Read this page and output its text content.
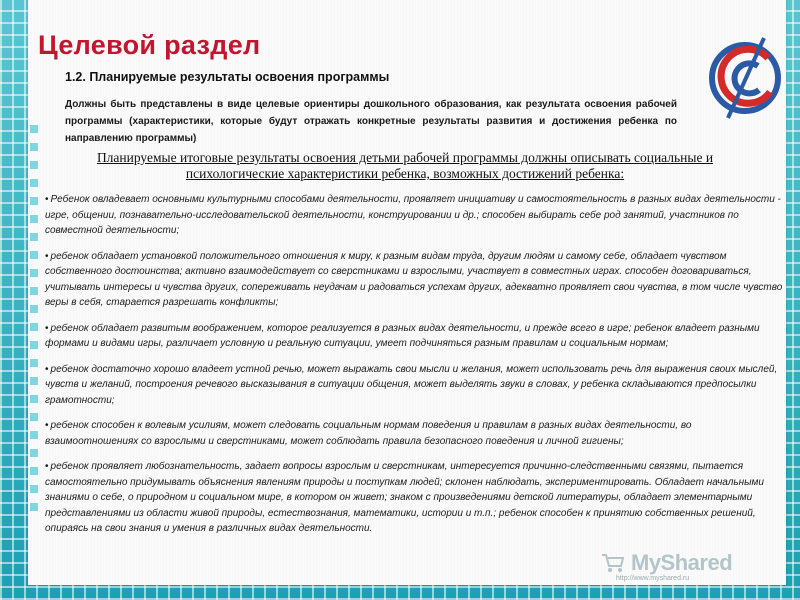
Целевой раздел
1.2. Планируемые результаты освоения программы

Должны быть представлены в виде целевые ориентиры дошкольного образования, как результата освоения рабочей программы (характеристики, которые будут отражать конкретные результаты развития и достижения ребенка по направлению программы)

Планируемые итоговые результаты освоения детьми рабочей программы должны описывать социальные и психологические характеристики ребенка, возможных достижений ребенка:

• Ребенок овладевает основными культурными способами деятельности, проявляет инициативу и самостоятельность в разных видах деятельности - игре, общении, познавательно-исследовательской деятельности, конструировании и др.; способен выбирать себе род занятий, участников по совместной деятельности;
• ребенок обладает установкой положительного отношения к миру, к разным видам труда, другим людям и самому себе, обладает чувством собственного достоинства; активно взаимодействует со сверстниками и взрослыми, участвует в совместных играх. способен договариваться, учитывать интересы и чувства других, сопереживать неудачам и радоваться успехам других, адекватно проявляет свои чувства, в том числе чувство веры в себя, старается разрешать конфликты;
• ребенок обладает развитым воображением, которое реализуется в разных видах деятельности, и прежде всего в игре; ребенок владеет разными формами и видами игры, различает условную и реальную ситуации, умеет подчиняться разным правилам и социальным нормам;
• ребенок достаточно хорошо владеет устной речью, может выражать свои мысли и желания, может использовать речь для выражения своих мыслей, чувств и желаний, построения речевого высказывания в ситуации общения, может выделять звуки в словах, у ребенка складываются предпосылки грамотности;
• ребенок способен к волевым усилиям, может следовать социальным нормам поведения и правилам в разных видах деятельности, во взаимоотношениях со взрослыми и сверстниками, может соблюдать правила безопасного поведения и личной гигиены;
• ребенок проявляет любознательность, задает вопросы взрослым и сверстникам, интересуется причинно-следственными связями, пытается самостоятельно придумывать объяснения явлениям природы и поступкам людей; склонен наблюдать, экспериментировать. Обладает начальными знаниями о себе, о природном и социальном мире, в котором он живет; знаком с произведениями детской литературы, обладает элементарными представлениями из области живой природы, естествознания, математики, истории и т.п.; ребенок способен к принятию собственных решений, опираясь на свои знания и умения в различных видах деятельности.
MyShared
http://www.myshared.ru
